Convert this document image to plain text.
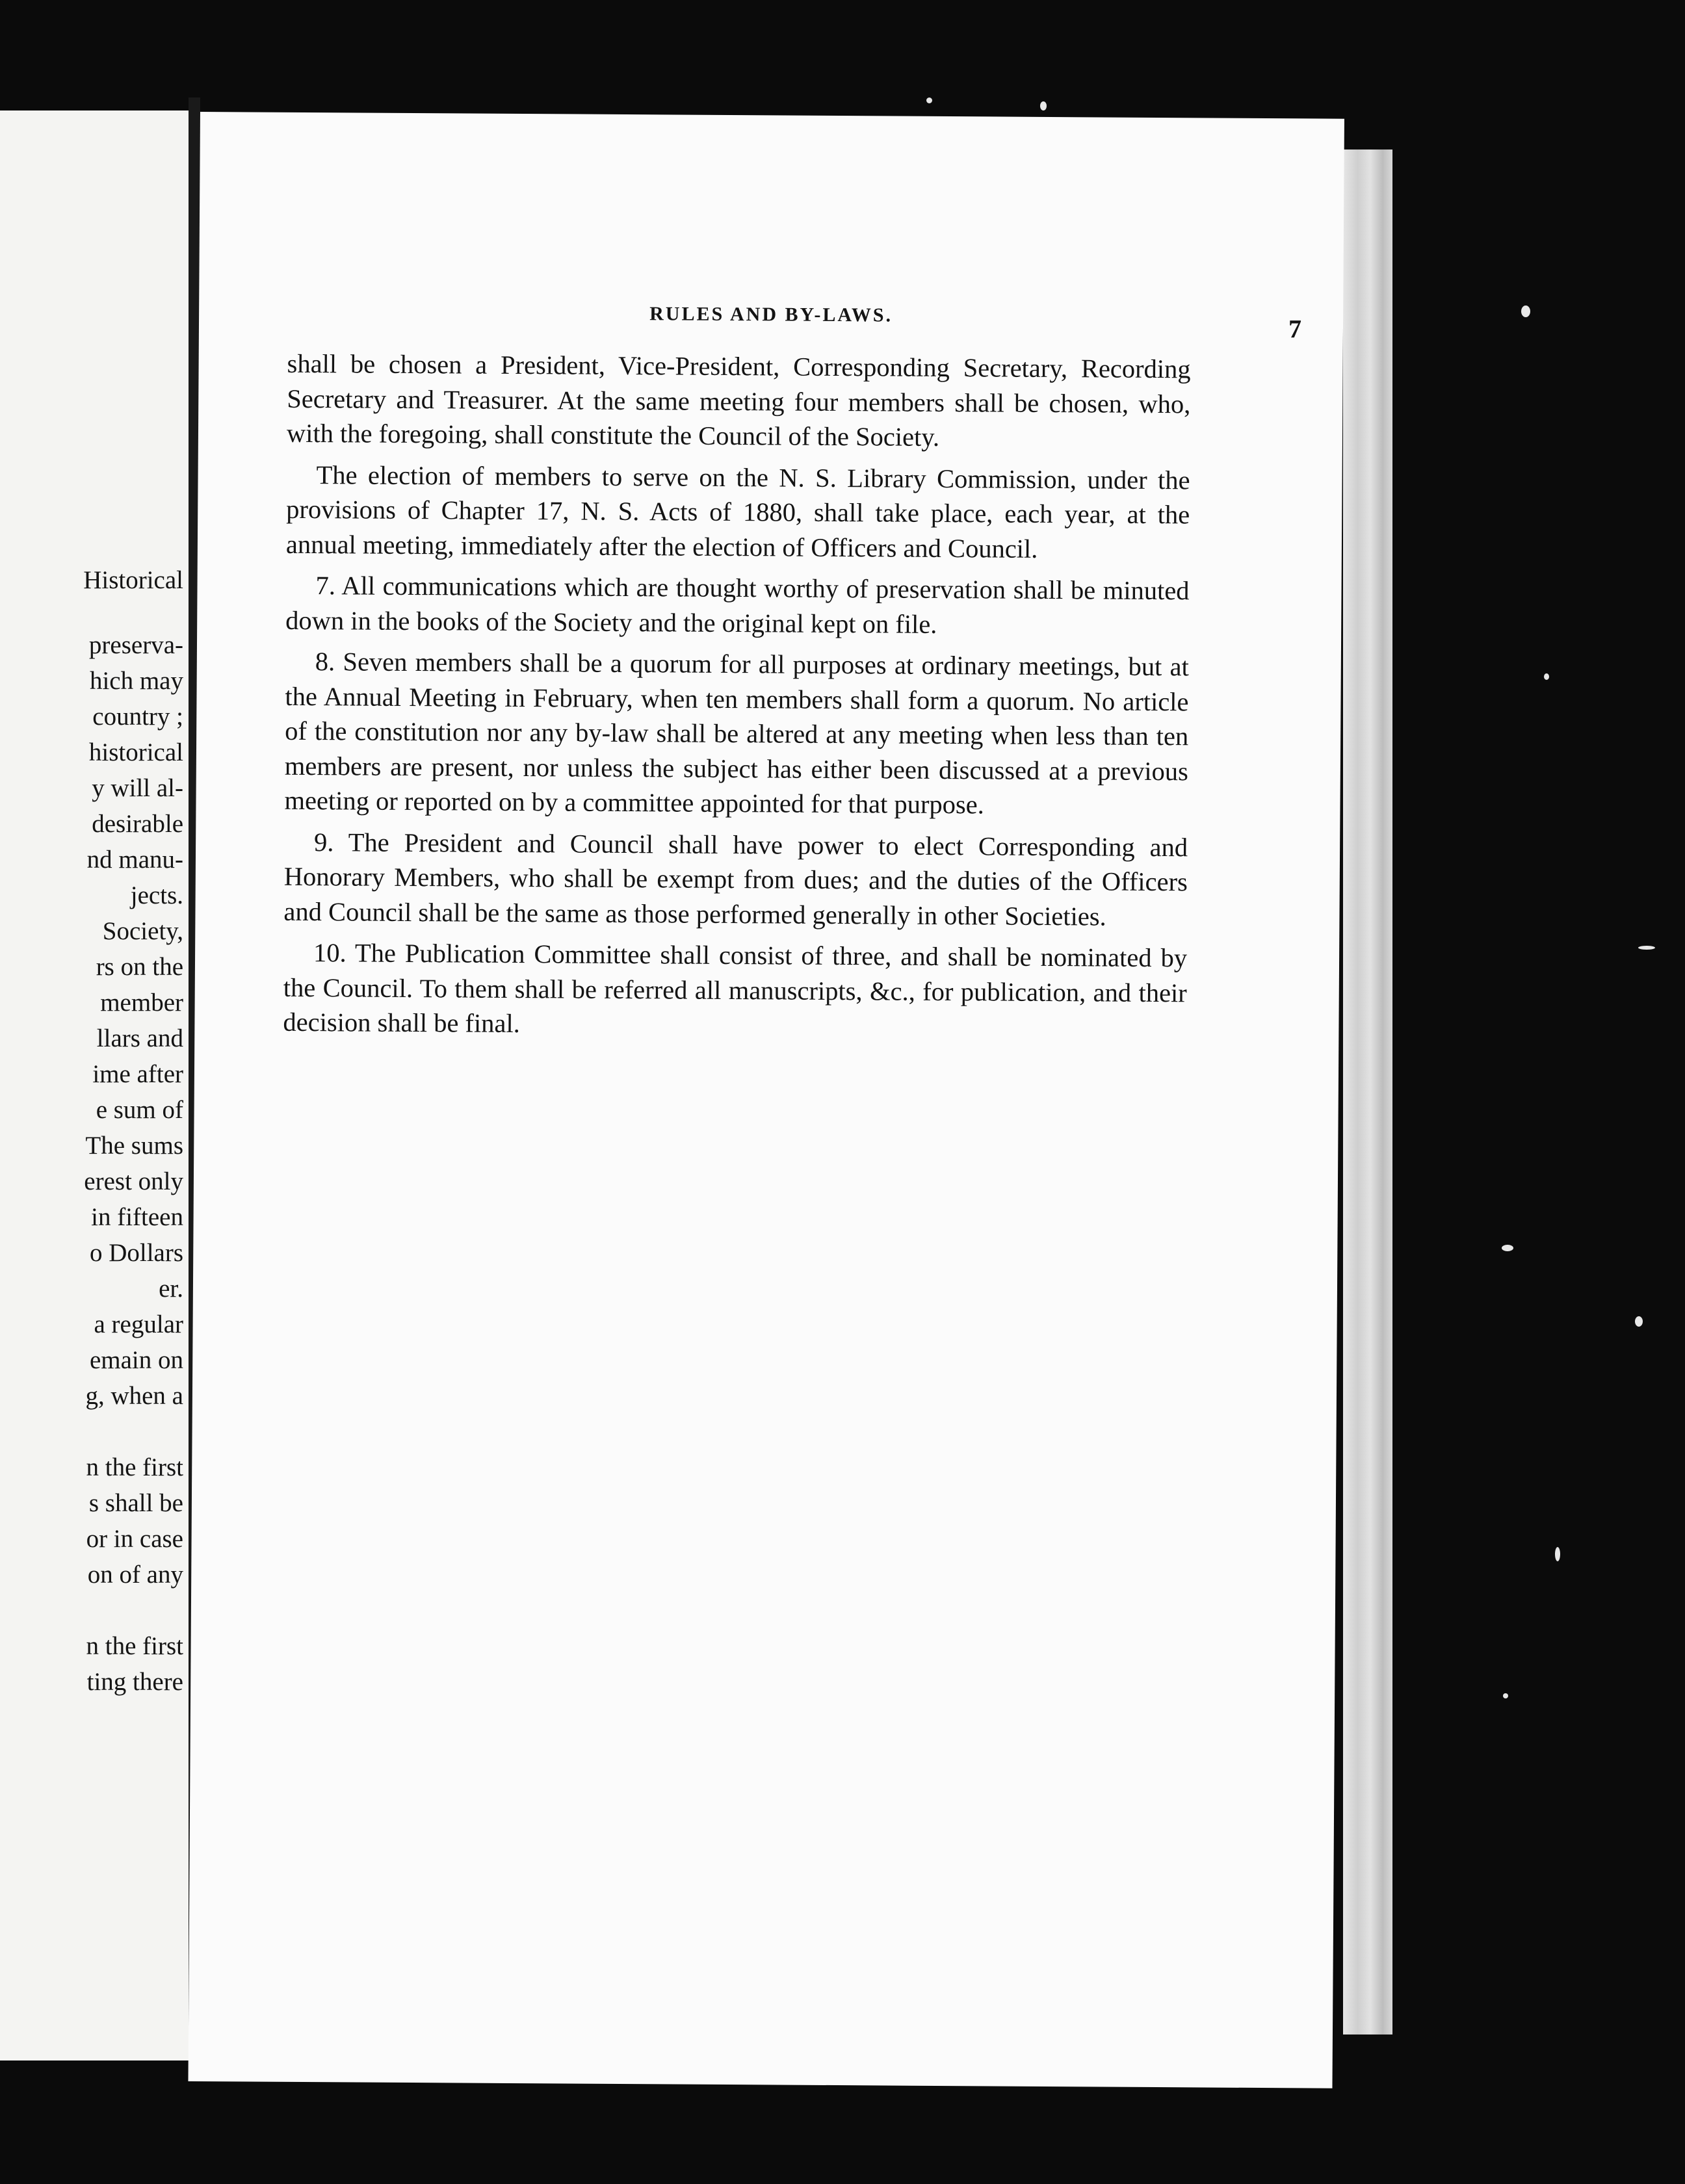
Historical
preserva-
hich may
country ;
historical
y will al-
desirable
nd manu-
jects.
Society,
rs on the
member
llars and
ime after
e sum of
The sums
erest only
in fifteen
o Dollars
er.
a regular
emain on
g, when a
n the first
s shall be
or in case
on of any
n the first
ting there
RULES AND BY-LAWS.	7

shall be chosen a President, Vice-President, Corresponding Secretary, Recording Secretary and Treasurer. At the same meeting four members shall be chosen, who, with the foregoing, shall constitute the Council of the Society.

The election of members to serve on the N. S. Library Commission, under the provisions of Chapter 17, N. S. Acts of 1880, shall take place, each year, at the annual meeting, immediately after the election of Officers and Council.

7. All communications which are thought worthy of preservation shall be minuted down in the books of the Society and the original kept on file.

8. Seven members shall be a quorum for all purposes at ordinary meetings, but at the Annual Meeting in February, when ten members shall form a quorum. No article of the constitution nor any by-law shall be altered at any meeting when less than ten members are present, nor unless the subject has either been discussed at a previous meeting or reported on by a committee appointed for that purpose.

9. The President and Council shall have power to elect Corresponding and Honorary Members, who shall be exempt from dues; and the duties of the Officers and Council shall be the same as those performed generally in other Societies.

10. The Publication Committee shall consist of three, and shall be nominated by the Council. To them shall be referred all manuscripts, &c., for publication, and their decision shall be final.
